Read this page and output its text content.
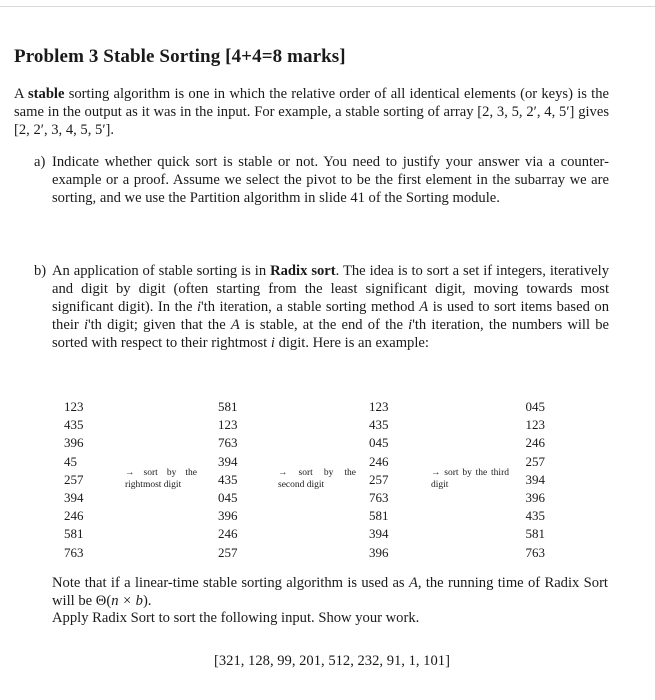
Problem 3 Stable Sorting [4+4=8 marks]
A stable sorting algorithm is one in which the relative order of all identical elements (or keys) is the same in the output as it was in the input. For example, a stable sorting of array [2, 3, 5, 2′, 4, 5′] gives [2, 2′, 3, 4, 5, 5′].
a) Indicate whether quick sort is stable or not. You need to justify your answer via a counter-example or a proof. Assume we select the pivot to be the first element in the subarray we are sorting, and we use the Partition algorithm in slide 41 of the Sorting module.
b) An application of stable sorting is in Radix sort. The idea is to sort a set if integers, iteratively and digit by digit (often starting from the least significant digit, moving towards most significant digit). In the i'th iteration, a stable sorting method A is used to sort items based on their i'th digit; given that the A is stable, at the end of the i'th iteration, the numbers will be sorted with respect to their rightmost i digit. Here is an example:
123
435
396
45
257
394
246
581
763
→ sort by the rightmost digit
581
123
763
394
435
045
396
246
257
→ sort by the second digit
123
435
045
246
257
763
581
394
396
→ sort by the third digit
045
123
246
257
394
396
435
581
763
Note that if a linear-time stable sorting algorithm is used as A, the running time of Radix Sort will be Θ(n × b).
Apply Radix Sort to sort the following input. Show your work.
[321, 128, 99, 201, 512, 232, 91, 1, 101]
